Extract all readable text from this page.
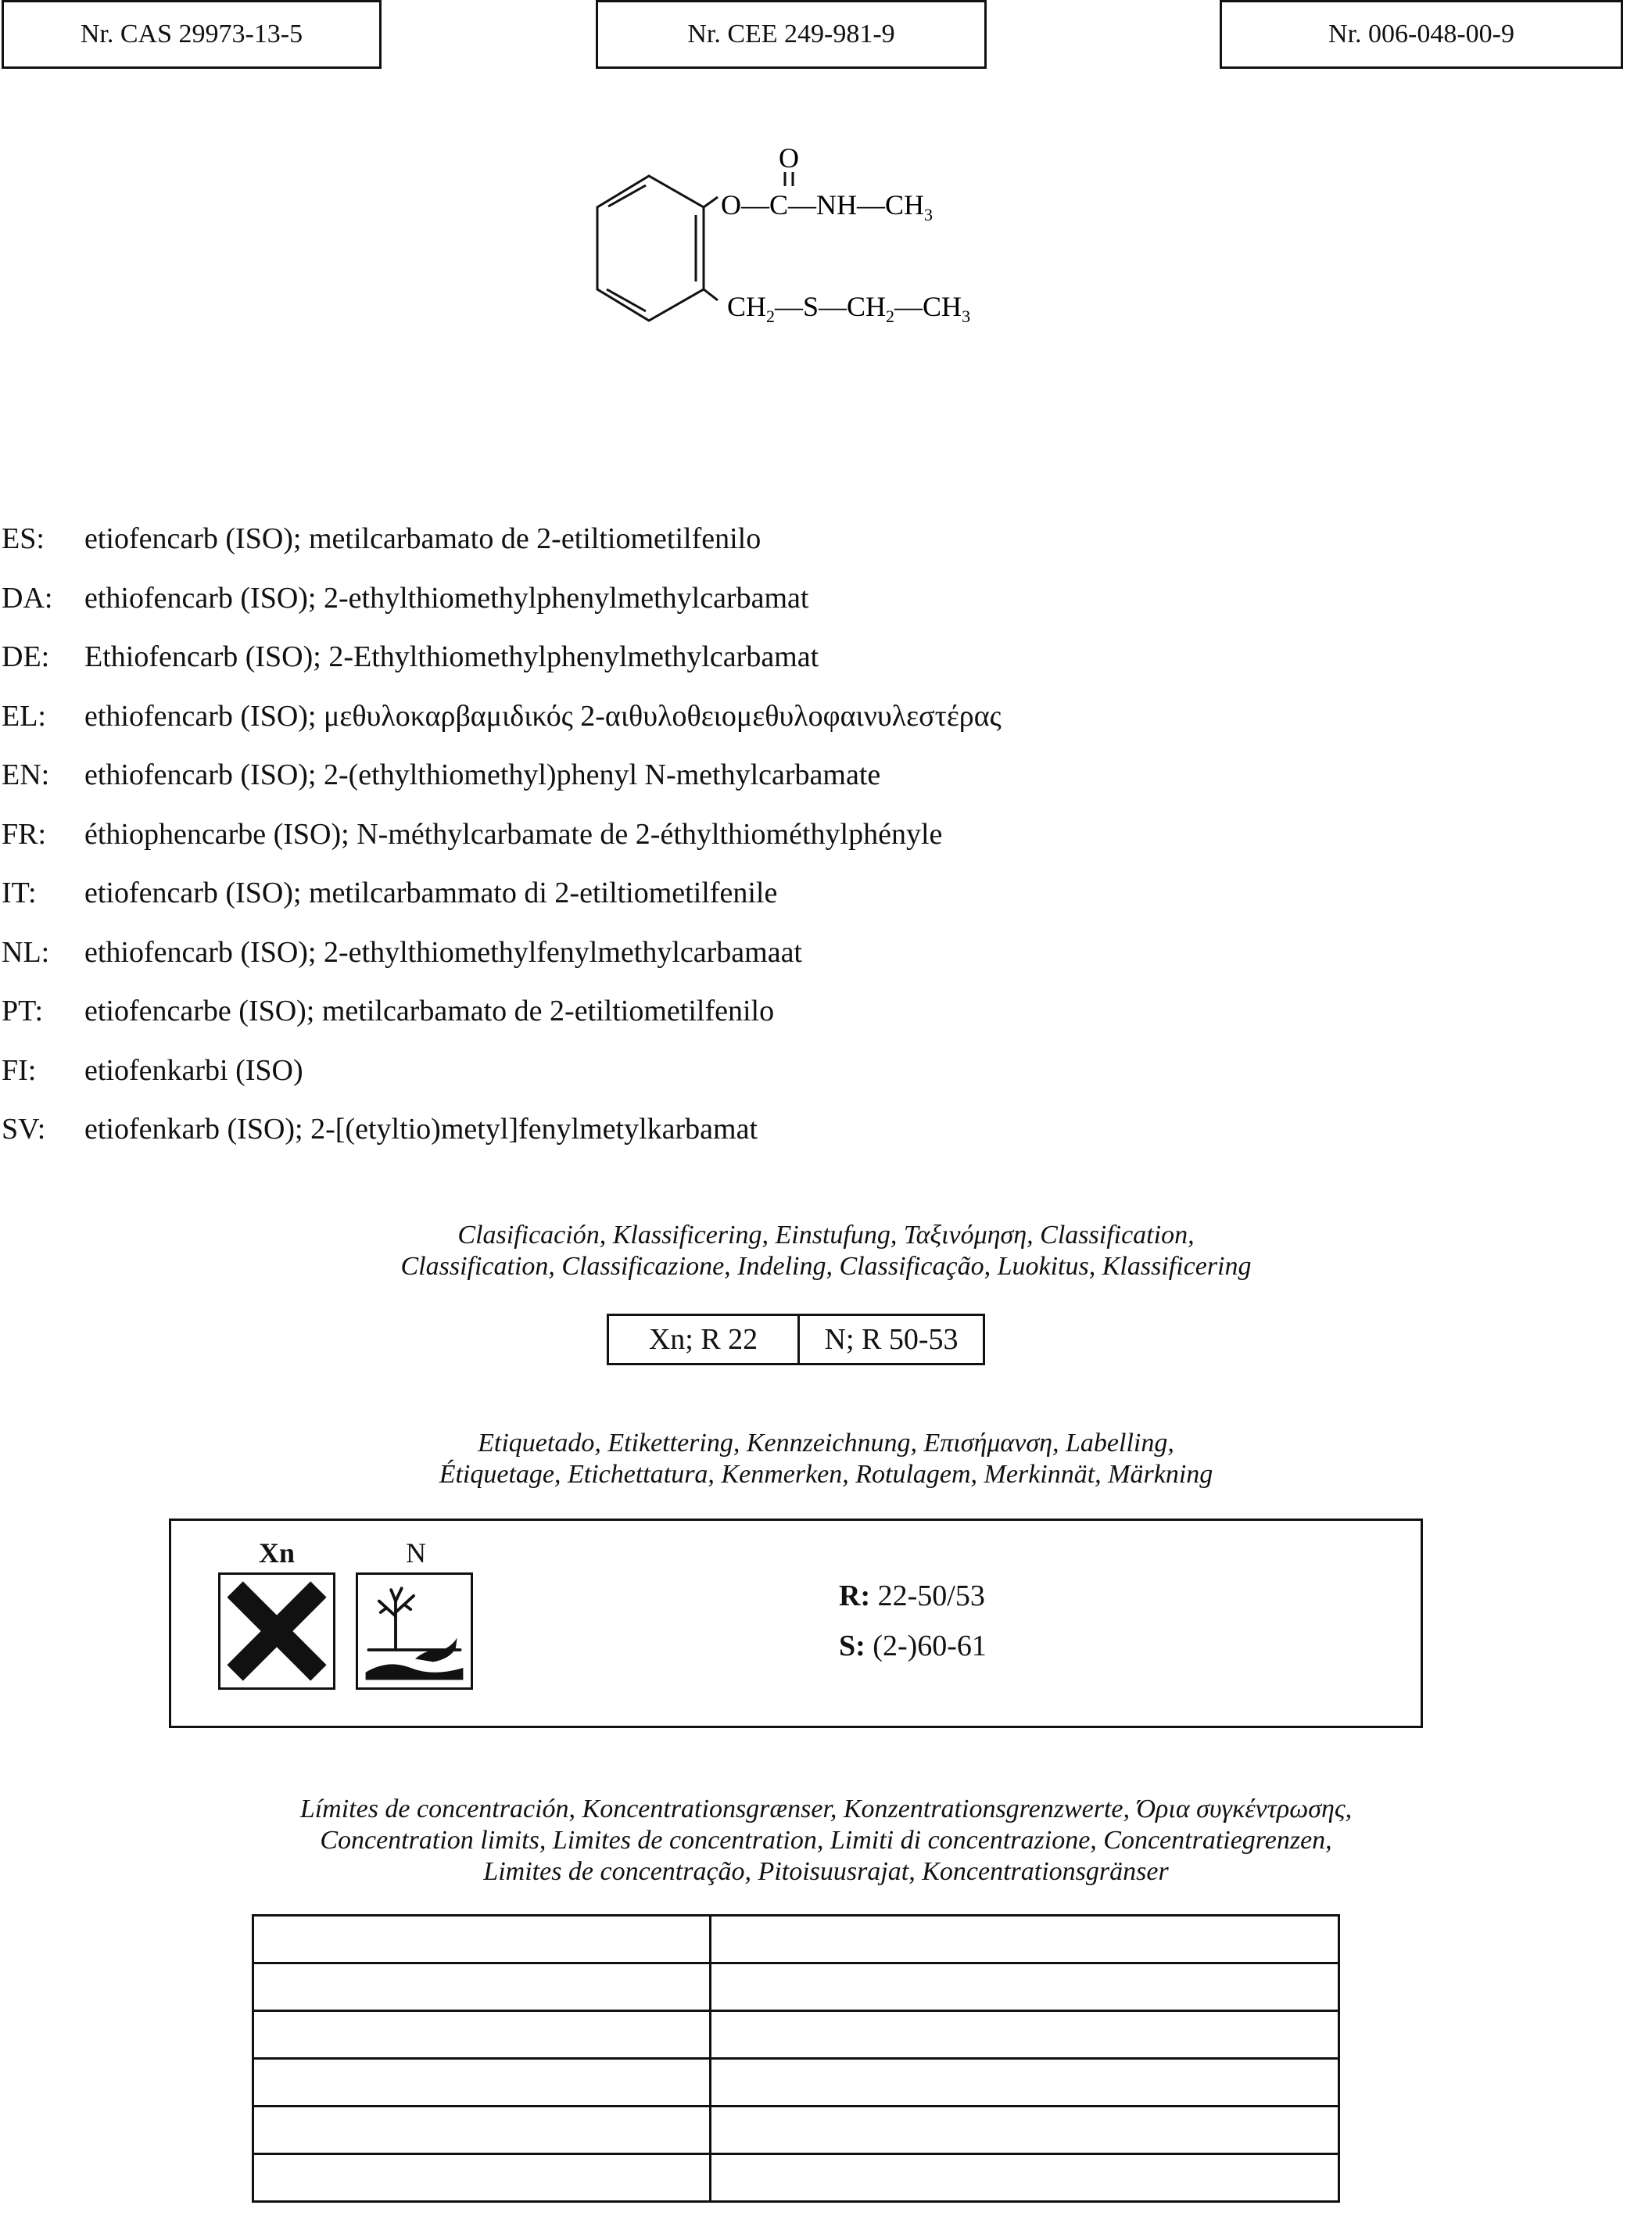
Nr. CAS 29973-13-5	Nr. CEE 249-981-9	Nr. 006-048-00-9
O
$O—C—NH—CH_3$
$CH_2—S—CH_2—CH_3$
ES:	etiofencarb (ISO); metilcarbamato de 2-etiltiometilfenilo
DA:	ethiofencarb (ISO); 2-ethylthiomethylphenylmethylcarbamat
DE:	Ethiofencarb (ISO); 2-Ethylthiomethylphenylmethylcarbamat
EL:	ethiofencarb (ISO); μεθυλοκαρβαμιδικός 2-αιθυλοθειομεθυλοφαινυλεστέρας
EN:	ethiofencarb (ISO); 2-(ethylthiomethyl)phenyl N-methylcarbamate
FR:	éthiophencarbe (ISO); N-méthylcarbamate de 2-éthylthiométhylphényle
IT:	etiofencarb (ISO); metilcarbammato di 2-etiltiometilfenile
NL:	ethiofencarb (ISO); 2-ethylthiomethylfenylmethylcarbamaat
PT:	etiofencarbe (ISO); metilcarbamato de 2-etiltiometilfenilo
FI:	etiofenkarbi (ISO)
SV:	etiofenkarb (ISO); 2-[(etyltio)metyl]fenylmetylkarbamat
Clasificación, Klassificering, Einstufung, Ταξινόμηση, Classification,
Classification, Classificazione, Indeling, Classificação, Luokitus, Klassificering
Xn; R 22	N; R 50-53
Etiquetado, Etikettering, Kennzeichnung, Επισήμανση, Labelling,
Étiquetage, Etichettatura, Kenmerken, Rotulagem, Merkinnät, Märkning
Xn	N
R: 22-50/53
S: (2-)60-61
Límites de concentración, Koncentrationsgrænser, Konzentrationsgrenzwerte, Όρια συγκέντρωσης,
Concentration limits, Limites de concentration, Limiti di concentrazione, Concentratiegrenzen,
Limites de concentração, Pitoisuusrajat, Koncentrationsgränser
